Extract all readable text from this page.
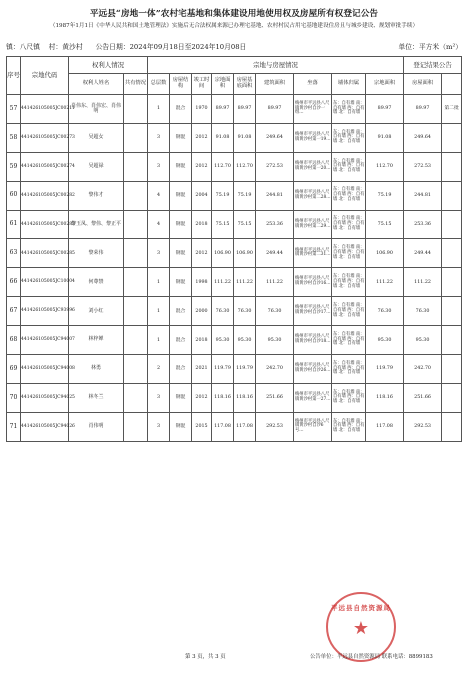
平远县“房地一体”农村宅基地和集体建设用地使用权及房屋所有权登记公告
（1987年1月1日《中华人民共和国土地管理法》实施后无合法权属来源已办理宅基地、农村村民占用宅基地建设住房且与城乡建设、规划审批手续）
镇：八尺镇 村：黄沙村 公告日期：2024年09月18日至2024年10月08日	单位：平方米（m²）
序号	宗地代码	权利人情况		宗地与房屋情况									登记结果公告	
		权利人姓名	共有情况	总层数	房屋结构	竣工时间	宗地面积	房屋基底面积	建筑面积	坐落	墙体归属	宗地面积	房屋面积		
57	441426105005JC00211	肖伟东、肖伟宏、肖伟明		1	混合	1970	89.97	89.97	89.97	梅州市平远县八尺镇黄沙村自沙一组…	东：自有墙 南：自有墙 西：自有墙 北：自有墙	89.97	89.97	第二批	
58	441426105005JC00273	吴超女		3	钢混	2012	91.08	91.08	249.64	梅州市平远县八尺镇黄沙村第一19…	东：自有墙 南：自有墙 西：自有墙 北：自有墙	91.08	249.64		
59	441426105005JC00274	吴超禄		3	钢混	2012	112.70	112.70	272.53	梅州市平远县八尺镇黄沙村第一20…	东：自有墙 南：自有墙 西：自有墙 北：自有墙	112.70	272.53		
60	441426105005JC00282	黎伟才		4	钢混	2004	75.19	75.19	244.81	梅州市平远县八尺镇黄沙村第二28…	东：自有墙 南：自有墙 西：自有墙 北：自有墙	75.19	244.81		
61	441426105005JC00283	黎玉凤、黎伟、黎正平		4	钢混	2018	75.15	75.15	253.36	梅州市平远县八尺镇黄沙村第二29…	东：自有墙 南：自有墙 西：自有墙 北：自有墙	75.15	253.36		
63	441426105005JC00285	黎荣伟		3	钢混	2012	106.90	106.90	249.44	梅州市平远县八尺镇黄沙村第二31…	东：自有墙 南：自有墙 西：自有墙 北：自有墙	106.90	249.44		
66	441426105005JC10004	何尊禁		1	钢混	1998	111.22	111.22	111.22	梅州市平远县八尺镇黄沙村自沙16…	东：自有墙 南：自有墙 西：自有墙 北：自有墙	111.22	111.22		
67	441426105005JC93996	刘小红		1	混合	2000	76.30	76.30	76.30	梅州市平远县八尺镇黄沙村自沙17…	东：自有墙 南：自有墙 西：自有墙 北：自有墙	76.30	76.30		
68	441426105005JC94007	林梓婵		1	混合	2018	95.30	95.30	95.30	梅州市平远县八尺镇黄沙村自沙18…	东：自有墙 南：自有墙 西：自有墙 北：自有墙	95.30	95.30		
69	441426105005JC94008	林勇		2	混合	2021	119.79	119.79	242.70	梅州市平远县八尺镇黄沙村自沙26…	东：自有墙 南：自有墙 西：自有墙 北：自有墙	119.79	242.70		
70	441426105005JC94025	林冬兰		3	钢混	2012	118.16	118.16	251.66	梅州市平远县八尺镇黄沙村第一27…	东：自有墙 南：自有墙 西：自有墙 北：自有墙	118.16	251.66		
71	441426105005JC94026	肖伟明		3	钢混	2015	117.08	117.08	292.53	梅州市平远县八尺镇黄沙村自沙6号…	东：自有墙 南：自有墙 西：自有墙 北：自有墙	117.08	292.53		
平远县自然资源局
★
第 3 页，共 3 页	公告单位：平远县自然资源局 联系电话：8899183
